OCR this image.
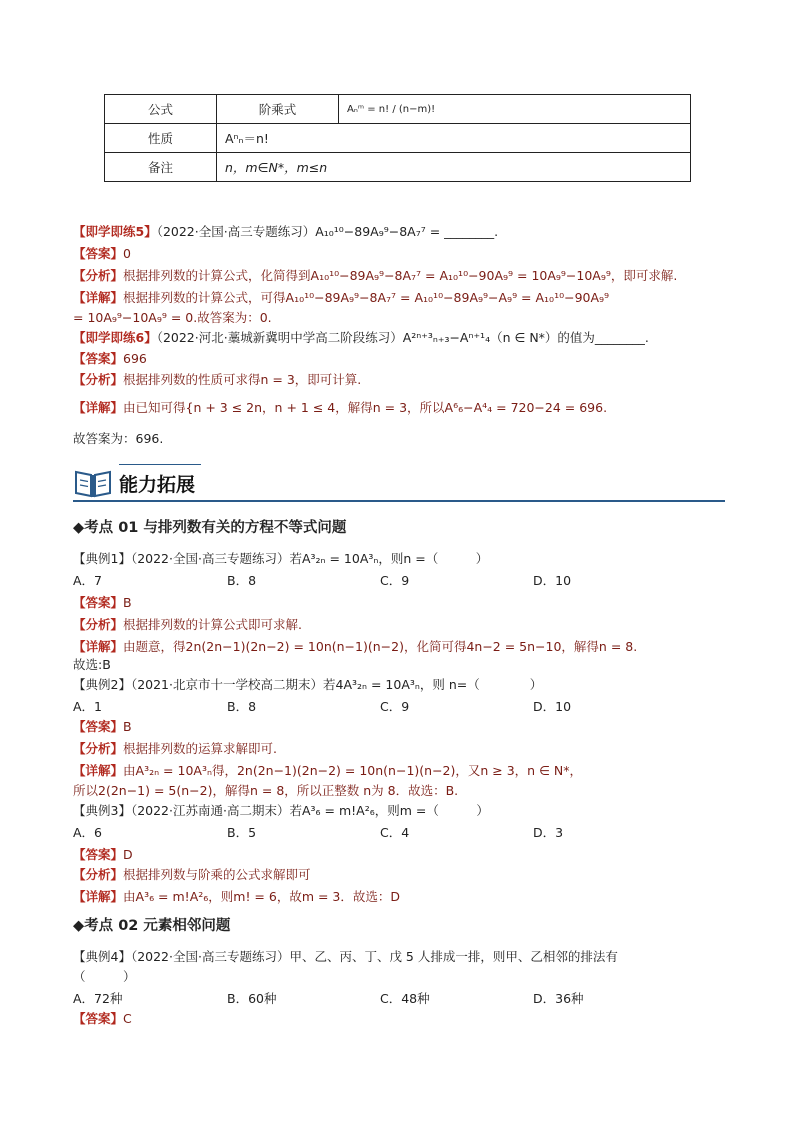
公式	阶乘式	Aₙᵐ = n! / (n−m)!
性质	Aⁿₙ＝n!	
备注	n，m∈N*，m≤n	
【即学即练5】（2022·全国·高三专题练习）A₁₀¹⁰−89A₉⁹−8A₇⁷ = ________.
【答案】0
【分析】根据排列数的计算公式，化简得到A₁₀¹⁰−89A₉⁹−8A₇⁷ = A₁₀¹⁰−90A₉⁹ = 10A₉⁹−10A₉⁹，即可求解.
【详解】根据排列数的计算公式，可得A₁₀¹⁰−89A₉⁹−8A₇⁷ = A₁₀¹⁰−89A₉⁹−A₉⁹ = A₁₀¹⁰−90A₉⁹
= 10A₉⁹−10A₉⁹ = 0.故答案为：0.
【即学即练6】（2022·河北·藁城新冀明中学高二阶段练习）A²ⁿ⁺³ₙ₊₃−Aⁿ⁺¹₄（n ∈ N*）的值为________.
【答案】696
【分析】根据排列数的性质可求得n = 3，即可计算.
【详解】由已知可得{n + 3 ≤ 2n，n + 1 ≤ 4，解得n = 3，所以A⁶₆−A⁴₄ = 720−24 = 696.
故答案为：696.
能力拓展
◆考点 01 与排列数有关的方程不等式问题
【典例1】（2022·全国·高三专题练习）若A³₂ₙ = 10A³ₙ，则n =（　　　）
A．7	B．8	C．9	D．10
【答案】B
【分析】根据排列数的计算公式即可求解.
【详解】由题意，得2n(2n−1)(2n−2) = 10n(n−1)(n−2)，化简可得4n−2 = 5n−10，解得n = 8.
故选:B
【典例2】（2021·北京市十一学校高二期末）若4A³₂ₙ = 10A³ₙ，则 n=（　　　　）
A．1	B．8	C．9	D．10
【答案】B
【分析】根据排列数的运算求解即可.
【详解】由A³₂ₙ = 10A³ₙ得，2n(2n−1)(2n−2) = 10n(n−1)(n−2)，又n ≥ 3，n ∈ N*，
所以2(2n−1) = 5(n−2)，解得n = 8，所以正整数 n为 8．故选：B.
【典例3】（2022·江苏南通·高二期末）若A³₆ = m!A²₆，则m =（　　　）
A．6	B．5	C．4	D．3
【答案】D
【分析】根据排列数与阶乘的公式求解即可
【详解】由A³₆ = m!A²₆，则m! = 6，故m = 3．故选：D
◆考点 02 元素相邻问题
【典例4】（2022·全国·高三专题练习）甲、乙、丙、丁、戊 5 人排成一排，则甲、乙相邻的排法有
（　　　）
A．72种	B．60种	C．48种	D．36种
【答案】C
